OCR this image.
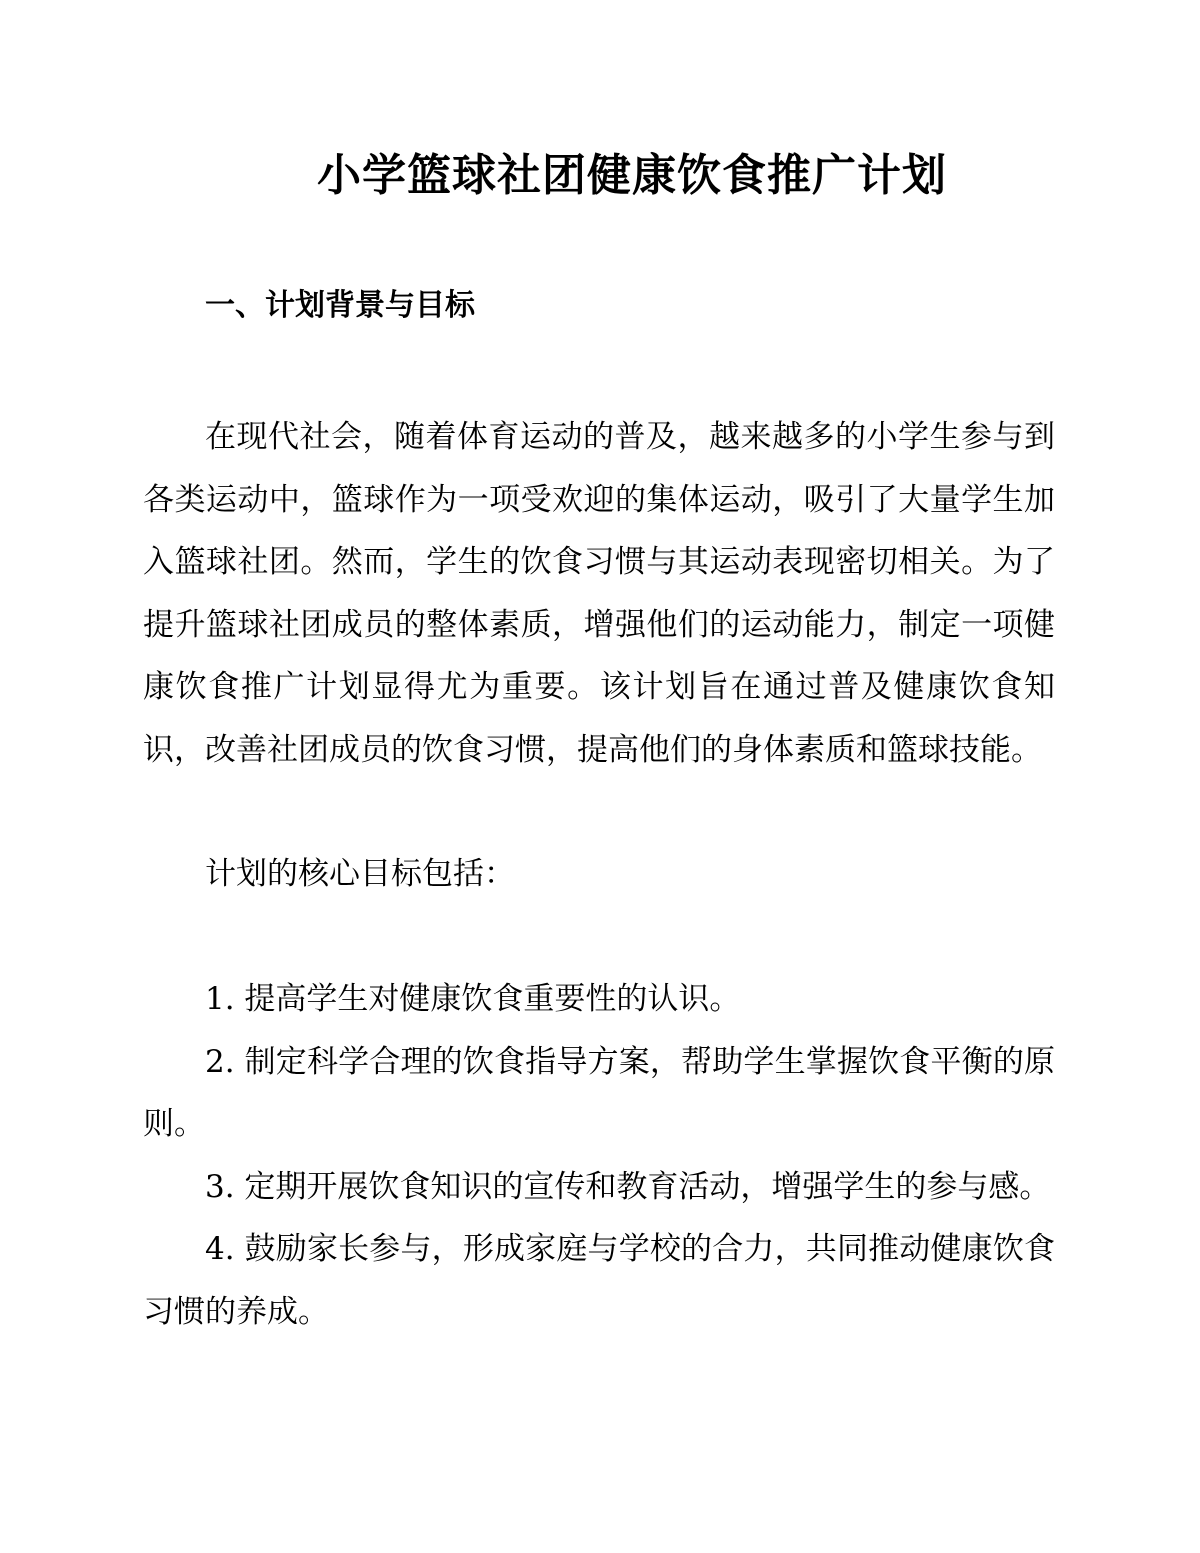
小学篮球社团健康饮食推广计划
一、计划背景与目标

在现代社会，随着体育运动的普及，越来越多的小学生参与到各类运动中，篮球作为一项受欢迎的集体运动，吸引了大量学生加入篮球社团。然而，学生的饮食习惯与其运动表现密切相关。为了提升篮球社团成员的整体素质，增强他们的运动能力，制定一项健康饮食推广计划显得尤为重要。该计划旨在通过普及健康饮食知识，改善社团成员的饮食习惯，提高他们的身体素质和篮球技能。

计划的核心目标包括：

1. 提高学生对健康饮食重要性的认识。
2. 制定科学合理的饮食指导方案，帮助学生掌握饮食平衡的原则。
3. 定期开展饮食知识的宣传和教育活动，增强学生的参与感。
4. 鼓励家长参与，形成家庭与学校的合力，共同推动健康饮食习惯的养成。
